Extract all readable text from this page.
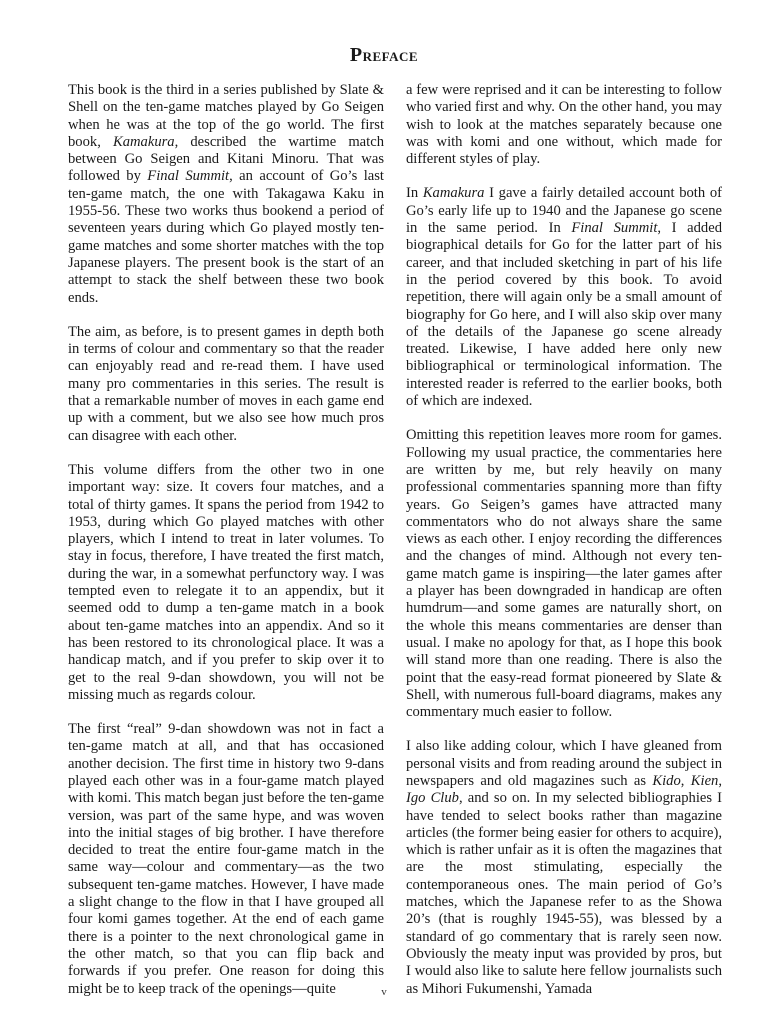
Preface

This book is the third in a series published by Slate & Shell on the ten-game matches played by Go Seigen when he was at the top of the go world. The first book, Kamakura, described the wartime match between Go Seigen and Kitani Minoru. That was followed by Final Summit, an account of Go’s last ten-game match, the one with Takagawa Kaku in 1955-56. These two works thus bookend a period of seventeen years during which Go played mostly ten-game matches and some shorter matches with the top Japanese players. The present book is the start of an attempt to stack the shelf between these two book ends.

The aim, as before, is to present games in depth both in terms of colour and commentary so that the reader can enjoyably read and re-read them. I have used many pro commentaries in this series. The result is that a remarkable number of moves in each game end up with a comment, but we also see how much pros can disagree with each other.

This volume differs from the other two in one important way: size. It covers four matches, and a total of thirty games. It spans the period from 1942 to 1953, during which Go played matches with other players, which I intend to treat in later volumes. To stay in focus, therefore, I have treated the first match, during the war, in a somewhat perfunctory way. I was tempted even to relegate it to an appendix, but it seemed odd to dump a ten-game match in a book about ten-game matches into an appendix. And so it has been restored to its chronological place. It was a handicap match, and if you prefer to skip over it to get to the real 9-dan showdown, you will not be missing much as regards colour.

The first “real” 9-dan showdown was not in fact a ten-game match at all, and that has occasioned another decision. The first time in history two 9-dans played each other was in a four-game match played with komi. This match began just before the ten-game version, was part of the same hype, and was woven into the initial stages of big brother. I have therefore decided to treat the entire four-game match in the same way—colour and commentary—as the two subsequent ten-game matches. However, I have made a slight change to the flow in that I have grouped all four komi games together. At the end of each game there is a pointer to the next chronological game in the other match, so that you can flip back and forwards if you prefer. One reason for doing this might be to keep track of the openings—quite

a few were reprised and it can be interesting to follow who varied first and why. On the other hand, you may wish to look at the matches separately because one was with komi and one without, which made for different styles of play.

In Kamakura I gave a fairly detailed account both of Go’s early life up to 1940 and the Japanese go scene in the same period. In Final Summit, I added biographical details for Go for the latter part of his career, and that included sketching in part of his life in the period covered by this book. To avoid repetition, there will again only be a small amount of biography for Go here, and I will also skip over many of the details of the Japanese go scene already treated. Likewise, I have added here only new bibliographical or terminological information. The interested reader is referred to the earlier books, both of which are indexed.

Omitting this repetition leaves more room for games. Following my usual practice, the commentaries here are written by me, but rely heavily on many professional commentaries spanning more than fifty years. Go Seigen’s games have attracted many commentators who do not always share the same views as each other. I enjoy recording the differences and the changes of mind. Although not every ten-game match game is inspiring—the later games after a player has been downgraded in handicap are often humdrum—and some games are naturally short, on the whole this means commentaries are denser than usual. I make no apology for that, as I hope this book will stand more than one reading. There is also the point that the easy-read format pioneered by Slate & Shell, with numerous full-board diagrams, makes any commentary much easier to follow.

I also like adding colour, which I have gleaned from personal visits and from reading around the subject in newspapers and old magazines such as Kido, Kien, Igo Club, and so on. In my selected bibliographies I have tended to select books rather than magazine articles (the former being easier for others to acquire), which is rather unfair as it is often the magazines that are the most stimulating, especially the contemporaneous ones. The main period of Go’s matches, which the Japanese refer to as the Showa 20’s (that is roughly 1945-55), was blessed by a standard of go commentary that is rarely seen now. Obviously the meaty input was provided by pros, but I would also like to salute here fellow journalists such as Mihori Fukumenshi, Yamada

v
